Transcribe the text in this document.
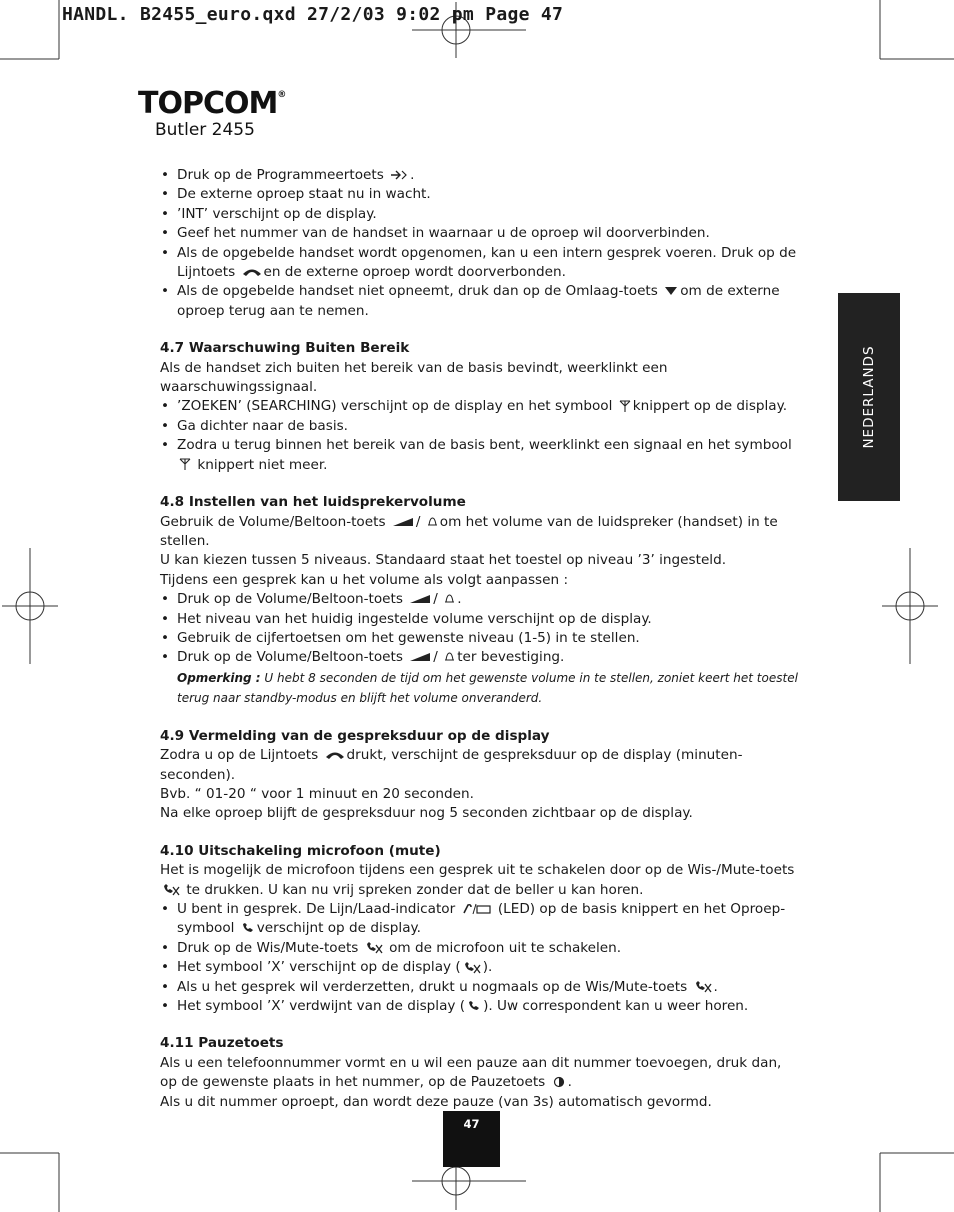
HANDL. B2455_euro.qxd 27/2/03 9:02 pm Page 47
TOPCOM®
Butler 2455
NEDERLANDS
• Druk op de Programmeertoets .
• De externe oproep staat nu in wacht.
• ’INT’ verschijnt op de display.
• Geef het nummer van de handset in waarnaar u de oproep wil doorverbinden.
• Als de opgebelde handset wordt opgenomen, kan u een intern gesprek voeren. Druk op de Lijntoets en de externe oproep wordt doorverbonden.
• Als de opgebelde handset niet opneemt, druk dan op de Omlaag-toets om de externe oproep terug aan te nemen.
4.7 Waarschuwing Buiten Bereik

Als de handset zich buiten het bereik van de basis bevindt, weerklinkt een waarschuwingssignaal.

• ’ZOEKEN’ (SEARCHING) verschijnt op de display en het symbool knippert op de display.
• Ga dichter naar de basis.
• Zodra u terug binnen het bereik van de basis bent, weerklinkt een signaal en het symbool  knippert niet meer.
4.8 Instellen van het luidsprekervolume

Gebruik de Volume/Beltoon-toets / om het volume van de luidspreker (handset) in te stellen.

U kan kiezen tussen 5 niveaus. Standaard staat het toestel op niveau ’3’ ingesteld.

Tijdens een gesprek kan u het volume als volgt aanpassen :

• Druk op de Volume/Beltoon-toets / .
• Het niveau van het huidig ingestelde volume verschijnt op de display.
• Gebruik de cijfertoetsen om het gewenste niveau (1-5) in te stellen.
• Druk op de Volume/Beltoon-toets / ter bevestiging.

Opmerking : U hebt 8 seconden de tijd om het gewenste volume in te stellen, zoniet keert het toestel terug naar standby-modus en blijft het volume onveranderd.

4.9 Vermelding van de gespreksduur op de display

Zodra u op de Lijntoets drukt, verschijnt de gespreksduur op de display (minuten-seconden).

Bvb. “ 01-20 “ voor 1 minuut en 20 seconden.

Na elke oproep blijft de gespreksduur nog 5 seconden zichtbaar op de display.

4.10 Uitschakeling microfoon (mute)

Het is mogelijk de microfoon tijdens een gesprek uit te schakelen door op de Wis-/Mute-toets  te drukken. U kan nu vrij spreken zonder dat de beller u kan horen.

• U bent in gesprek. De Lijn/Laad-indicator	(LED) op de basis knippert en het Oproep-symbool verschijnt op de display.
• Druk op de Wis/Mute-toets om de microfoon uit te schakelen.
• Het symbool ’X’ verschijnt op de display ( ).
• Als u het gesprek wil verderzetten, drukt u nogmaals op de Wis/Mute-toets .
• Het symbool ’X’ verdwijnt van de display ( ). Uw correspondent kan u weer horen.
4.11 Pauzetoets

Als u een telefoonnummer vormt en u wil een pauze aan dit nummer toevoegen, druk dan, op de gewenste plaats in het nummer, op de Pauzetoets .

Als u dit nummer oproept, dan wordt deze pauze (van 3s) automatisch gevormd.

47
